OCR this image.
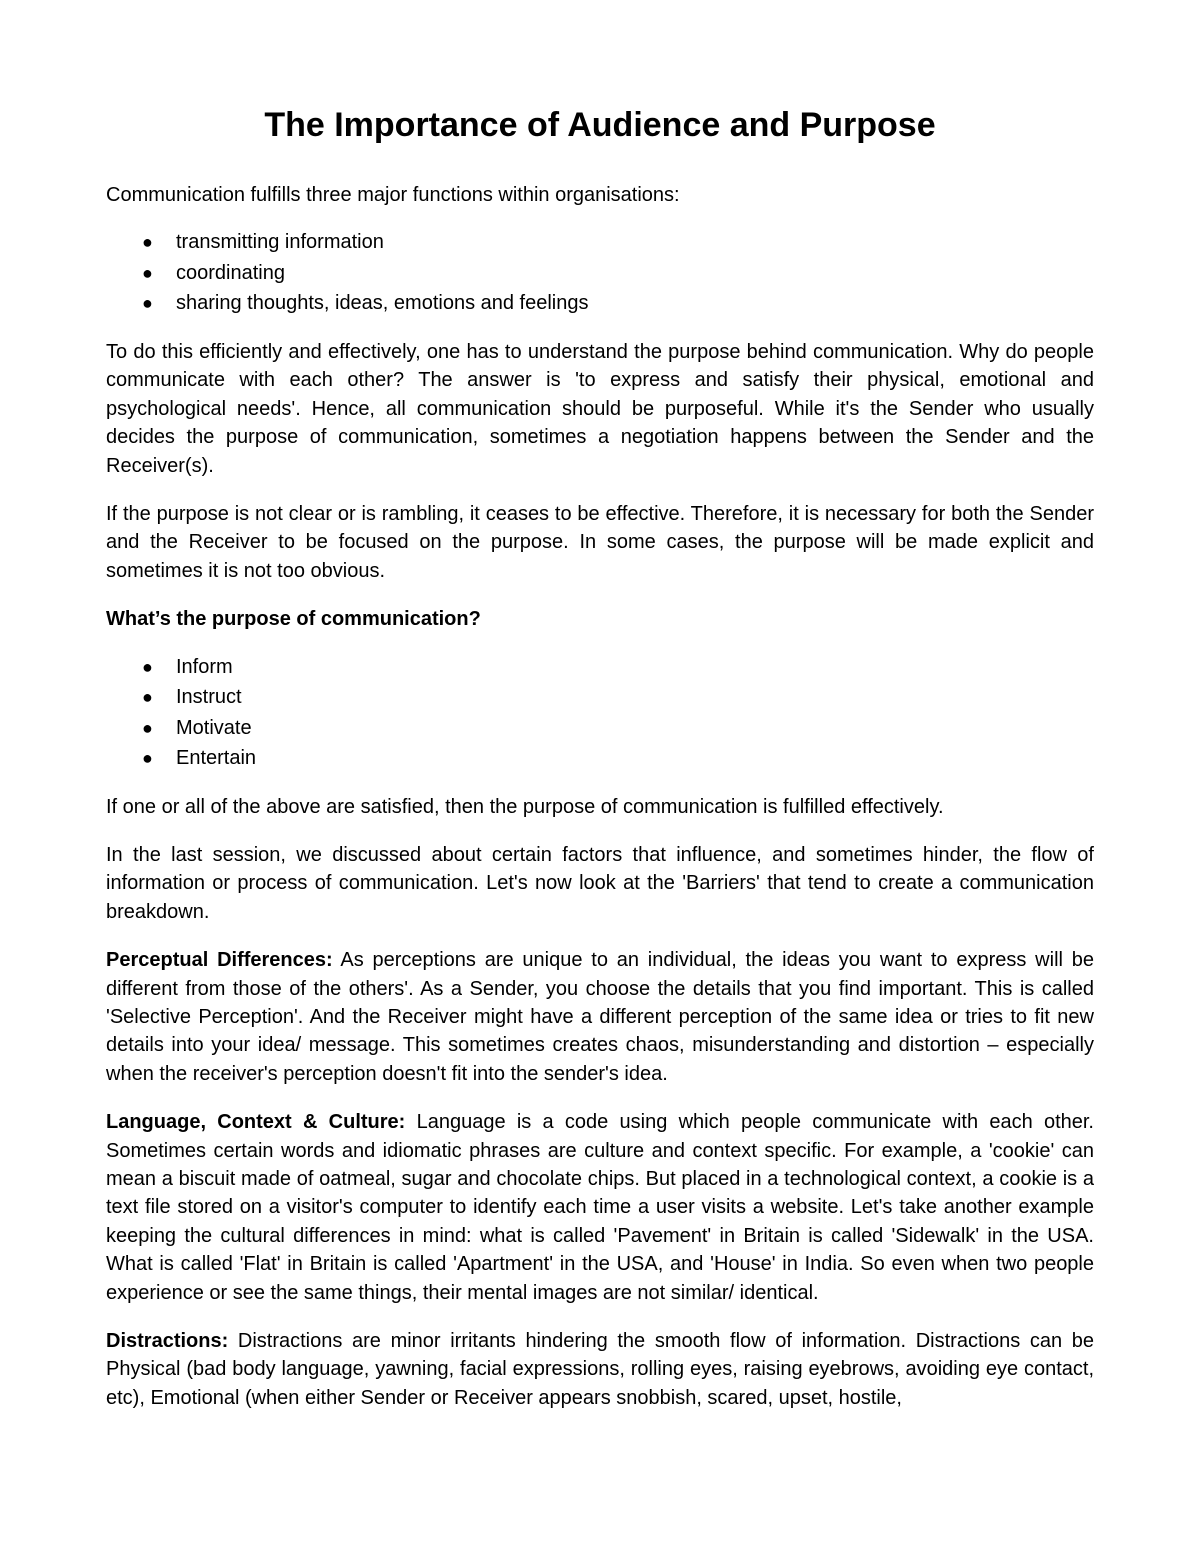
The Importance of Audience and Purpose

Communication fulfills three major functions within organisations:

● transmitting information
● coordinating
● sharing thoughts, ideas, emotions and feelings

To do this efficiently and effectively, one has to understand the purpose behind communication. Why do people communicate with each other? The answer is 'to express and satisfy their physical, emotional and psychological needs'. Hence, all communication should be purposeful. While it's the Sender who usually decides the purpose of communication, sometimes a negotiation happens between the Sender and the Receiver(s).

If the purpose is not clear or is rambling, it ceases to be effective. Therefore, it is necessary for both the Sender and the Receiver to be focused on the purpose. In some cases, the purpose will be made explicit and sometimes it is not too obvious.

What’s the purpose of communication?
● Inform
● Instruct
● Motivate
● Entertain

If one or all of the above are satisfied, then the purpose of communication is fulfilled effectively.

In the last session, we discussed about certain factors that influence, and sometimes hinder, the flow of information or process of communication. Let's now look at the 'Barriers' that tend to create a communication breakdown.

Perceptual Differences: As perceptions are unique to an individual, the ideas you want to express will be different from those of the others'. As a Sender, you choose the details that you find important. This is called 'Selective Perception'. And the Receiver might have a different perception of the same idea or tries to fit new details into your idea/ message. This sometimes creates chaos, misunderstanding and distortion – especially when the receiver's perception doesn't fit into the sender's idea.

Language, Context & Culture: Language is a code using which people communicate with each other. Sometimes certain words and idiomatic phrases are culture and context specific. For example, a 'cookie' can mean a biscuit made of oatmeal, sugar and chocolate chips. But placed in a technological context, a cookie is a text file stored on a visitor's computer to identify each time a user visits a website. Let's take another example keeping the cultural differences in mind: what is called 'Pavement' in Britain is called 'Sidewalk' in the USA. What is called 'Flat' in Britain is called 'Apartment' in the USA, and 'House' in India. So even when two people experience or see the same things, their mental images are not similar/ identical.

Distractions: Distractions are minor irritants hindering the smooth flow of information. Distractions can be Physical (bad body language, yawning, facial expressions, rolling eyes, raising eyebrows, avoiding eye contact, etc), Emotional (when either Sender or Receiver appears snobbish, scared, upset, hostile,
